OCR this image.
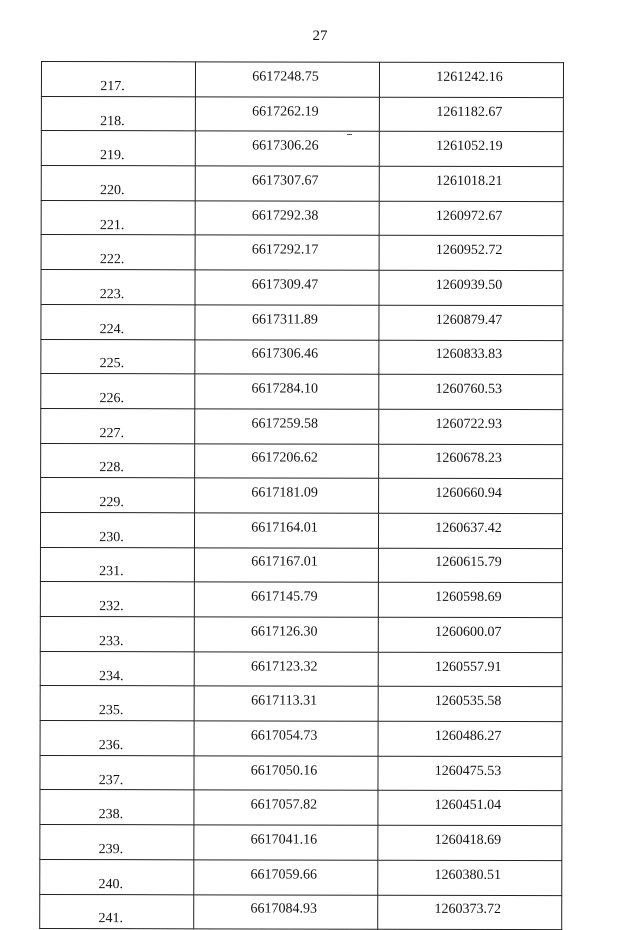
27
217.	6617248.75	1261242.16

218.	6617262.19	1261182.67

219.	6617306.26	1261052.19

220.	6617307.67	1261018.21

221.	6617292.38	1260972.67

222.	6617292.17	1260952.72

223.	6617309.47	1260939.50

224.	6617311.89	1260879.47

225.	6617306.46	1260833.83

226.	6617284.10	1260760.53

227.	6617259.58	1260722.93

228.	6617206.62	1260678.23

229.	6617181.09	1260660.94

230.	6617164.01	1260637.42

231.	6617167.01	1260615.79

232.	6617145.79	1260598.69

233.	6617126.30	1260600.07

234.	6617123.32	1260557.91

235.	6617113.31	1260535.58

236.	6617054.73	1260486.27

237.	6617050.16	1260475.53

238.	6617057.82	1260451.04

239.	6617041.16	1260418.69

240.	6617059.66	1260380.51

241.	6617084.93	1260373.72
